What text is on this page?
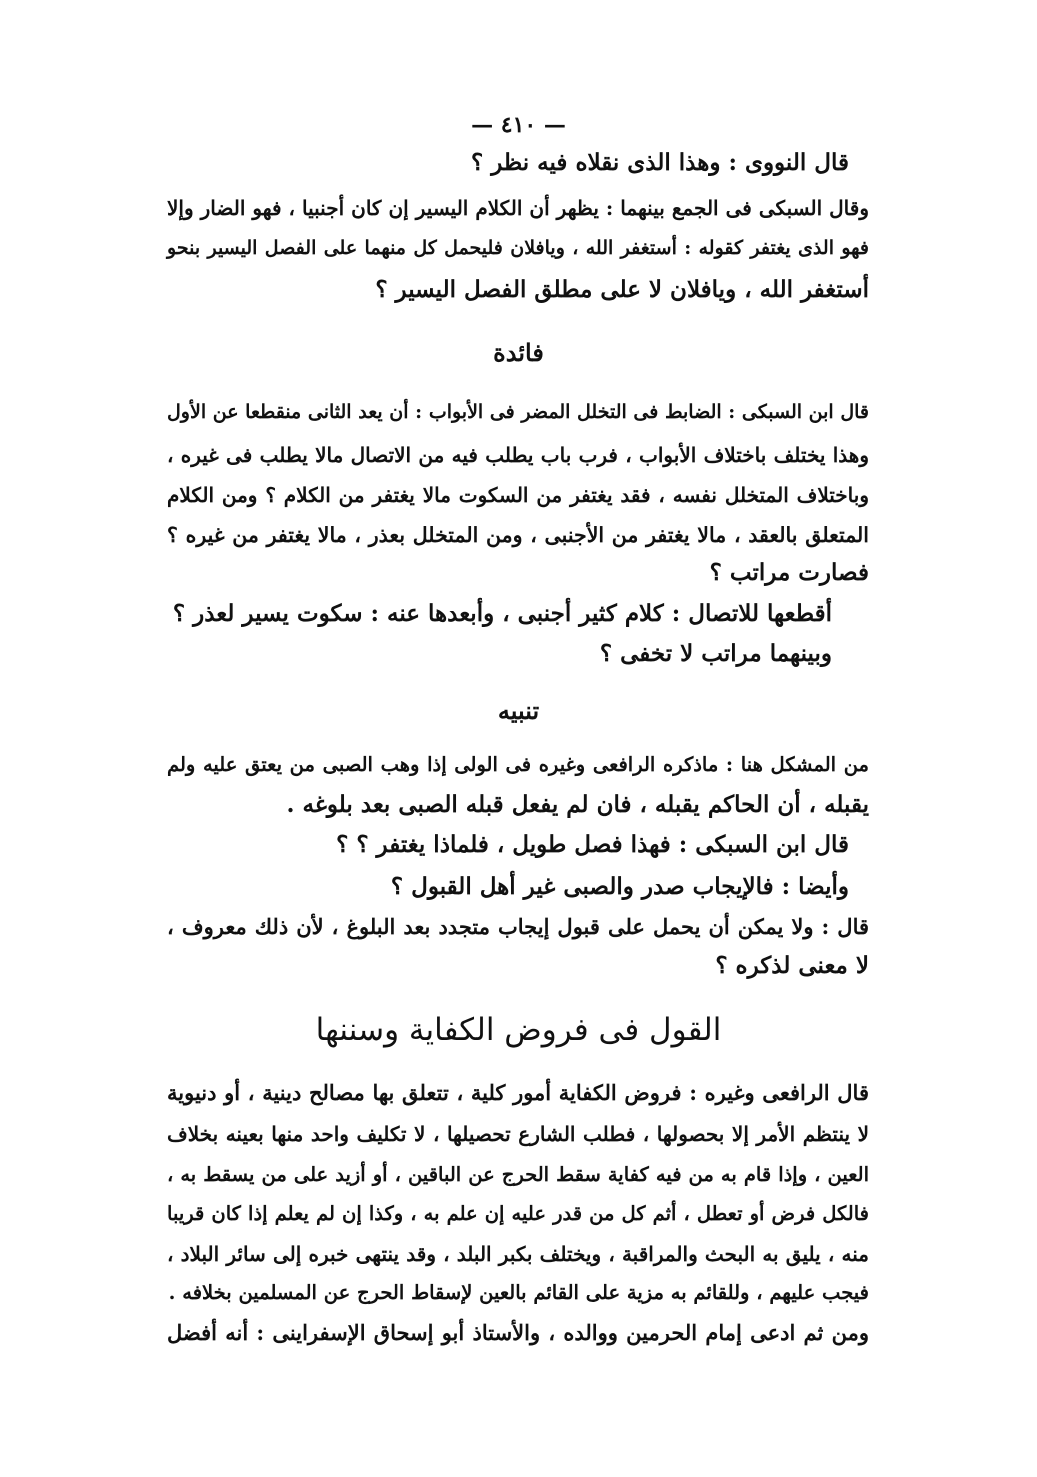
— ٤١٠ —
قال النووى : وهذا الذى نقلاه فيه نظر ؟
وقال السبكى فى الجمع بينهما : يظهر أن الكلام اليسير إن كان أجنبيا ، فهو الضار وإلا
فهو الذى يغتفر كقوله : أستغفر الله ، ويافلان فليحمل كل منهما على الفصل اليسير بنحو
أستغفر الله ، ويافلان لا على مطلق الفصل اليسير ؟
فائدة
قال ابن السبكى : الضابط فى التخلل المضر فى الأبواب : أن يعد الثانى منقطعا عن الأول
وهذا يختلف باختلاف الأبواب ، فرب باب يطلب فيه من الاتصال مالا يطلب فى غيره ،
وباختلاف المتخلل نفسه ، فقد يغتفر من السكوت مالا يغتفر من الكلام ؟ ومن الكلام
المتعلق بالعقد ، مالا يغتفر من الأجنبى ، ومن المتخلل بعذر ، مالا يغتفر من غيره ؟
فصارت مراتب ؟
أقطعها للاتصال : كلام كثير أجنبى ، وأبعدها عنه : سكوت يسير لعذر ؟
وبينهما مراتب لا تخفى ؟
تنبيه
من المشكل هنا : ماذكره الرافعى وغيره فى الولى إذا وهب الصبى من يعتق عليه ولم
يقبله ، أن الحاكم يقبله ، فان لم يفعل قبله الصبى بعد بلوغه .
قال ابن السبكى : فهذا فصل طويل ، فلماذا يغتفر ؟ ؟
وأيضا : فالإيجاب صدر والصبى غير أهل القبول ؟
قال : ولا يمكن أن يحمل على قبول إيجاب متجدد بعد البلوغ ، لأن ذلك معروف ،
لا معنى لذكره ؟
القول فى فروض الكفاية وسننها
قال الرافعى وغيره : فروض الكفاية أمور كلية ، تتعلق بها مصالح دينية ، أو دنيوية
لا ينتظم الأمر إلا بحصولها ، فطلب الشارع تحصيلها ، لا تكليف واحد منها بعينه بخلاف
العين ، وإذا قام به من فيه كفاية سقط الحرج عن الباقين ، أو أزيد على من يسقط به ،
فالكل فرض أو تعطل ، أثم كل من قدر عليه إن علم به ، وكذا إن لم يعلم إذا كان قريبا
منه ، يليق به البحث والمراقبة ، ويختلف بكبر البلد ، وقد ينتهى خبره إلى سائر البلاد ،
فيجب عليهم ، وللقائم به مزية على القائم بالعين لإسقاط الحرج عن المسلمين بخلافه .
ومن ثم ادعى إمام الحرمين ووالده ، والأستاذ أبو إسحاق الإسفراينى : أنه أفضل
